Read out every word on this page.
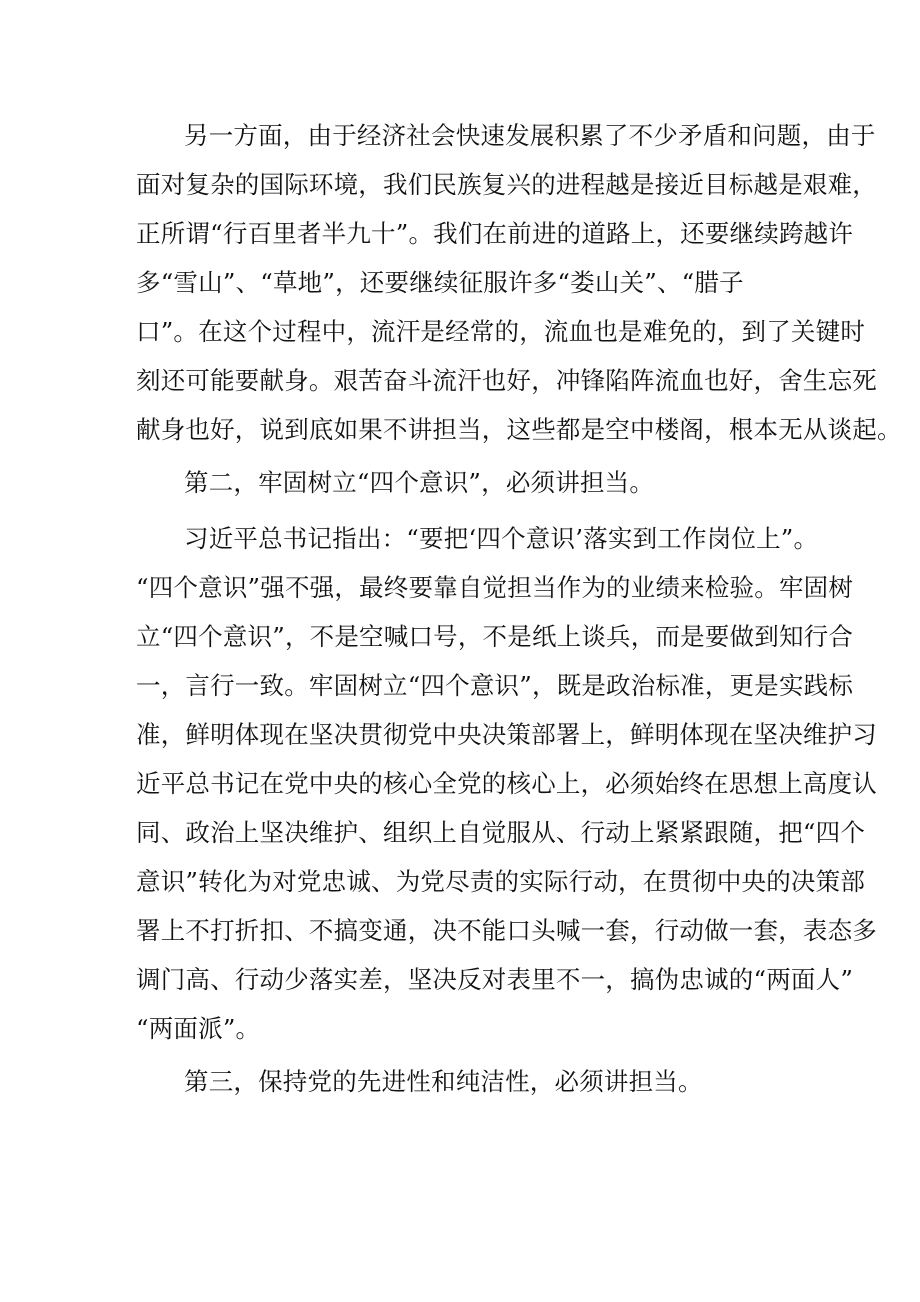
另一方面，由于经济社会快速发展积累了不少矛盾和问题，由于
面对复杂的国际环境，我们民族复兴的进程越是接近目标越是艰难，
正所谓“行百里者半九十”。我们在前进的道路上，还要继续跨越许
多“雪山”、“草地”，还要继续征服许多“娄山关”、“腊子
口”。在这个过程中，流汗是经常的，流血也是难免的，到了关键时
刻还可能要献身。艰苦奋斗流汗也好，冲锋陷阵流血也好，舍生忘死
献身也好，说到底如果不讲担当，这些都是空中楼阁，根本无从谈起。
第二，牢固树立“四个意识”，必须讲担当。
习近平总书记指出：“要把‘四个意识’落实到工作岗位上”。
“四个意识”强不强，最终要靠自觉担当作为的业绩来检验。牢固树
立“四个意识”，不是空喊口号，不是纸上谈兵，而是要做到知行合
一，言行一致。牢固树立“四个意识”，既是政治标准，更是实践标
准，鲜明体现在坚决贯彻党中央决策部署上，鲜明体现在坚决维护习
近平总书记在党中央的核心全党的核心上，必须始终在思想上高度认
同、政治上坚决维护、组织上自觉服从、行动上紧紧跟随，把“四个
意识”转化为对党忠诚、为党尽责的实际行动，在贯彻中央的决策部
署上不打折扣、不搞变通，决不能口头喊一套，行动做一套，表态多
调门高、行动少落实差，坚决反对表里不一，搞伪忠诚的“两面人”
“两面派”。
第三，保持党的先进性和纯洁性，必须讲担当。
